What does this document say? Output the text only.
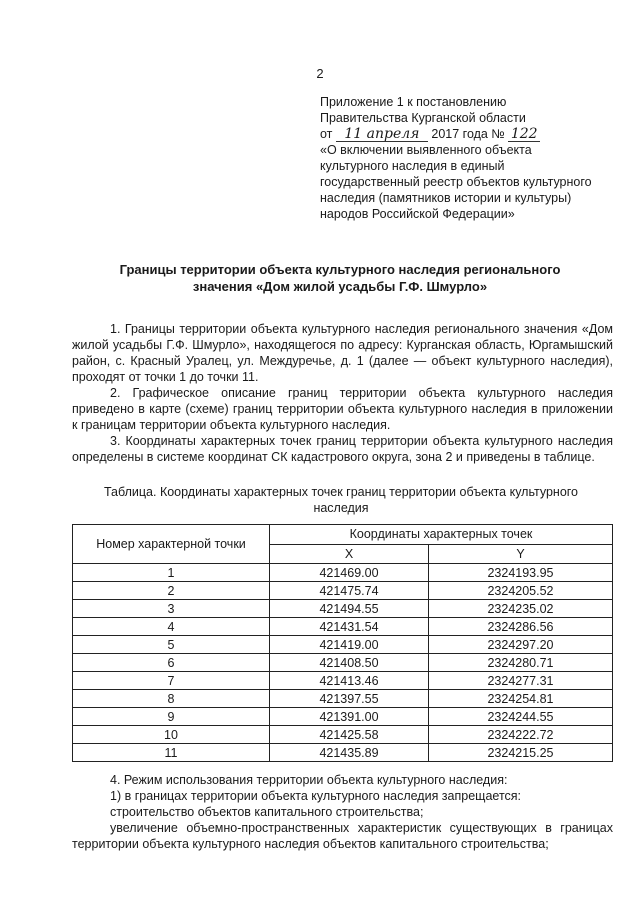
2
Приложение 1 к постановлению
Правительства Курганской области
от 11 апреля 2017 года № 122
«О включении выявленного объекта
культурного наследия в единый
государственный реестр объектов культурного
наследия (памятников истории и культуры)
народов Российской Федерации»
Границы территории объекта культурного наследия регионального
значения «Дом жилой усадьбы Г.Ф. Шмурло»
1. Границы территории объекта культурного наследия регионального значения «Дом жилой усадьбы Г.Ф. Шмурло», находящегося по адресу: Курганская область, Юргамышский район, с. Красный Уралец, ул. Междуречье, д. 1 (далее — объект культурного наследия), проходят от точки 1 до точки 11.
2. Графическое описание границ территории объекта культурного наследия приведено в карте (схеме) границ территории объекта культурного наследия в приложении к границам территории объекта культурного наследия.
3. Координаты характерных точек границ территории объекта культурного наследия определены в системе координат СК кадастрового округа, зона 2 и приведены в таблице.
Таблица. Координаты характерных точек границ территории объекта культурного наследия
Номер характерной точки	Координаты характерных точек	
	X	Y
1	421469.00	2324193.95
2	421475.74	2324205.52
3	421494.55	2324235.02
4	421431.54	2324286.56
5	421419.00	2324297.20
6	421408.50	2324280.71
7	421413.46	2324277.31
8	421397.55	2324254.81
9	421391.00	2324244.55
10	421425.58	2324222.72
11	421435.89	2324215.25

4. Режим использования территории объекта культурного наследия:

1) в границах территории объекта культурного наследия запрещается:

строительство объектов капитального строительства;

увеличение объемно-пространственных характеристик существующих в границах территории объекта культурного наследия объектов капитального строительства;
